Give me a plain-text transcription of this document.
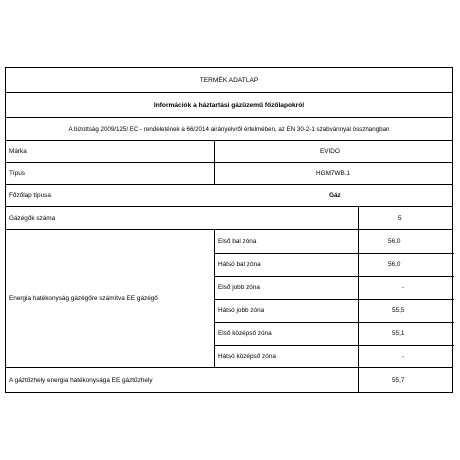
TERMÉK ADATLAP
Információk a háztartási gázüzemű főzőlapokról
A bizottság 2009/125/ EC - rendeletének a 66/2014 airányelvről értelmében, az EN 30-2-1 szabvánnyal összhangban
Márka	EVIDO
Típus	HGM7WB.1
Főzőlap típusa	Gáz
Gázégők száma	5
Energia hatékonyság gázégőre számítva EE gázégő
Első bal zóna	56,0
Hátsó bal zóna	56,0
Első jobb zóna	-
Hátsó jobb zóna	55,5
Első középső zóna	55,1
Hátsó középső zóna	-
A gáztűzhely energia hatékonysága EE gáztűzhely	55,7
